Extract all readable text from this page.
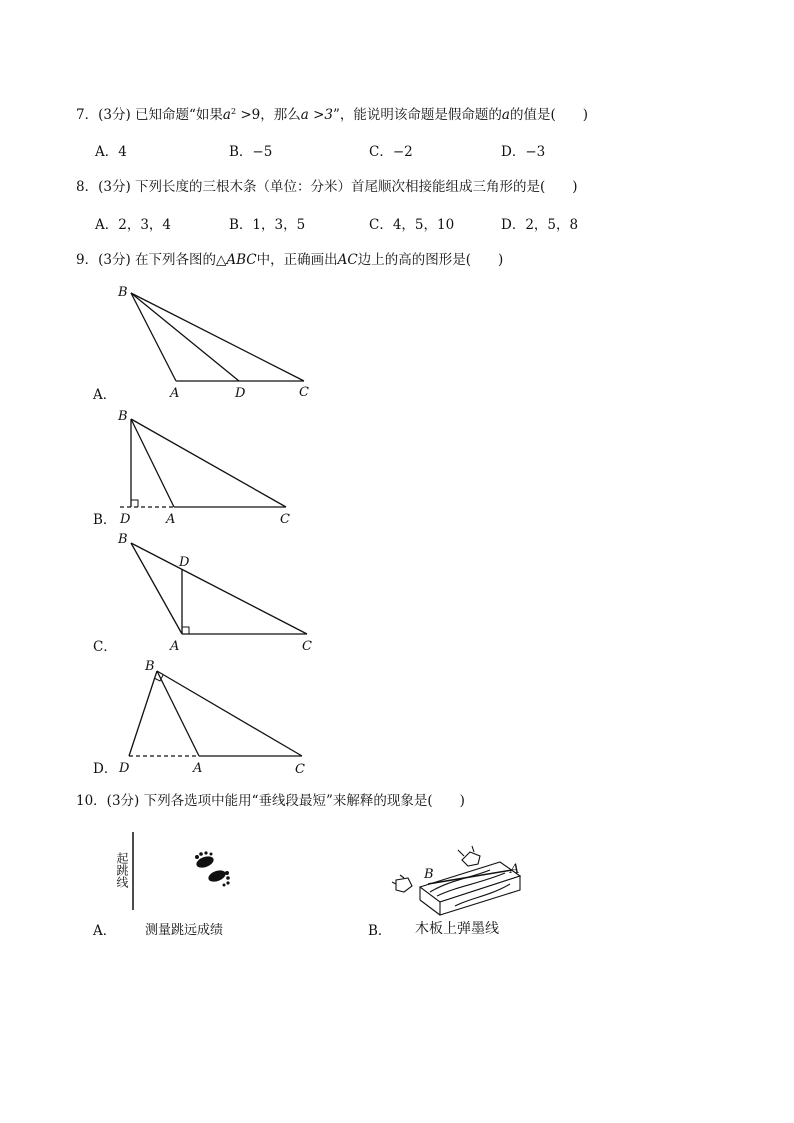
7．(3分) 已知命题“如果$a^2 >9$，那么a >3”，能说明该命题是假命题的a的值是(　　)
A．4	B．−5	C．−2	D．−3
8．(3分) 下列长度的三根木条（单位：分米）首尾顺次相接能组成三角形的是(　　)
A．2，3，4	B．1，3，5	C．4，5，10	D．2，5，8
9．(3分) 在下列各图的△ABC中，正确画出AC边上的高的图形是(　　)
A．
B．
C．
D．
B
A	D	C
B
D	A	C
B
D
A	C
B
D	A	C
B	A
10．(3分) 下列各选项中能用“垂线段最短”来解释的现象是(　　)
起跳线
A． 测量跳远成绩	B． 木板上弹墨线
